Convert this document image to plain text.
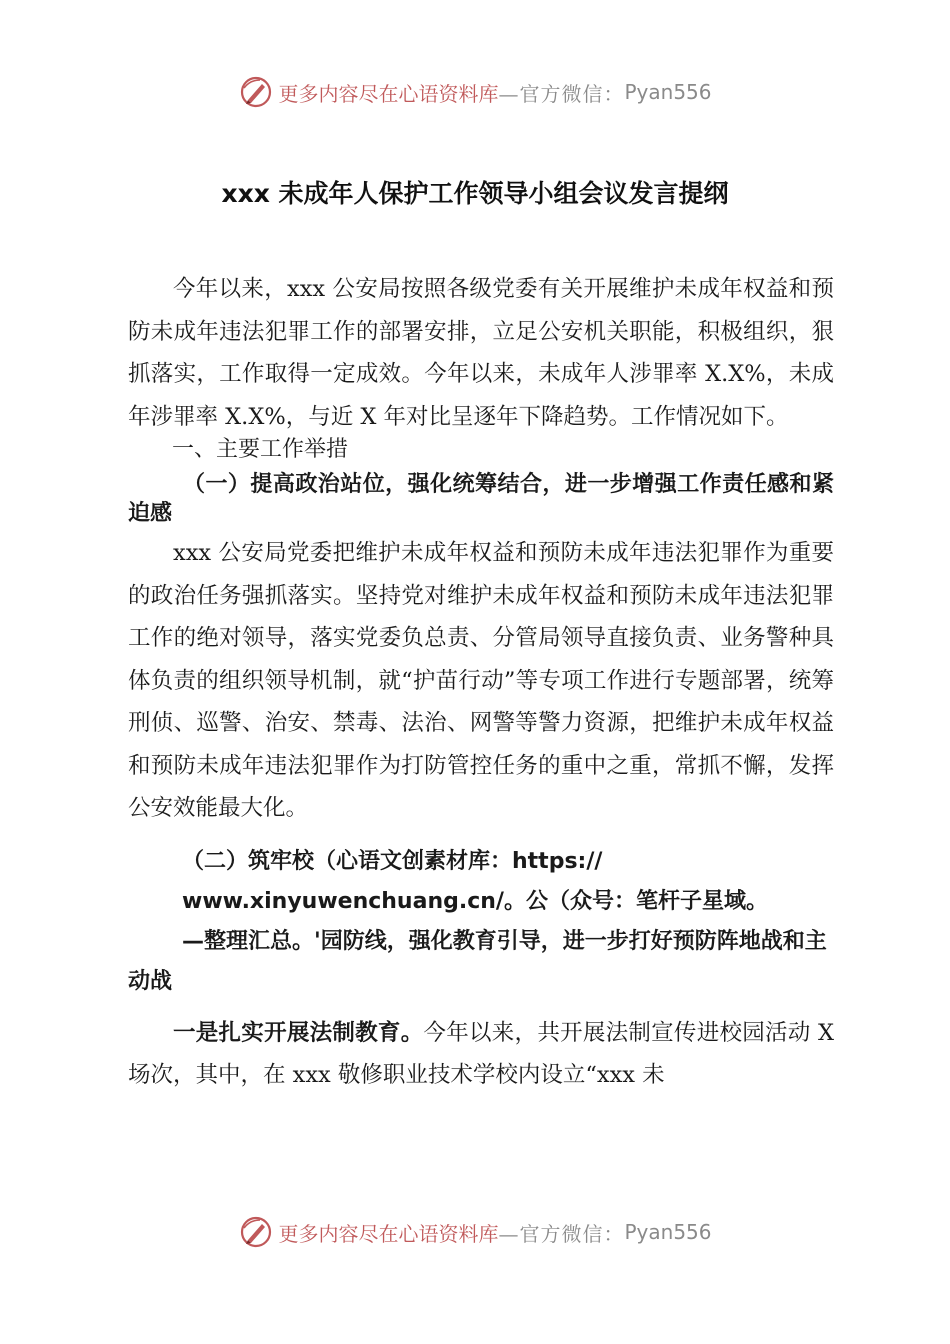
更多内容尽在心语资料库 —官方微信： Pyan556
xxx 未成年人保护工作领导小组会议发言提纲

今年以来，xxx 公安局按照各级党委有关开展维护未成年权益和预防未成年违法犯罪工作的部署安排，立足公安机关职能，积极组织，狠抓落实，工作取得一定成效。今年以来，未成年人涉罪率 X.X%，未成年涉罪率 X.X%，与近 X 年对比呈逐年下降趋势。工作情况如下。

一、主要工作举措

（一）提高政治站位，强化统筹结合，进一步增强工作责任感和紧迫感

xxx 公安局党委把维护未成年权益和预防未成年违法犯罪作为重要的政治任务强抓落实。坚持党对维护未成年权益和预防未成年违法犯罪工作的绝对领导，落实党委负总责、分管局领导直接负责、业务警种具体负责的组织领导机制，就“护苗行动”等专项工作进行专题部署，统筹刑侦、巡警、治安、禁毒、法治、网警等警力资源，把维护未成年权益和预防未成年违法犯罪作为打防管控任务的重中之重，常抓不懈，发挥公安效能最大化。

（二）筑牢校（心语文创素材库：https://
www.xinyuwenchuang.cn/。公（众号：笔杆子星域。
—整理汇总。'园防线，强化教育引导，进一步打好预防阵地战和主动战

一是扎实开展法制教育。今年以来，共开展法制宣传进校园活动 X 场次，其中，在 xxx 敬修职业技术学校内设立“xxx 未

更多内容尽在心语资料库 —官方微信： Pyan556
